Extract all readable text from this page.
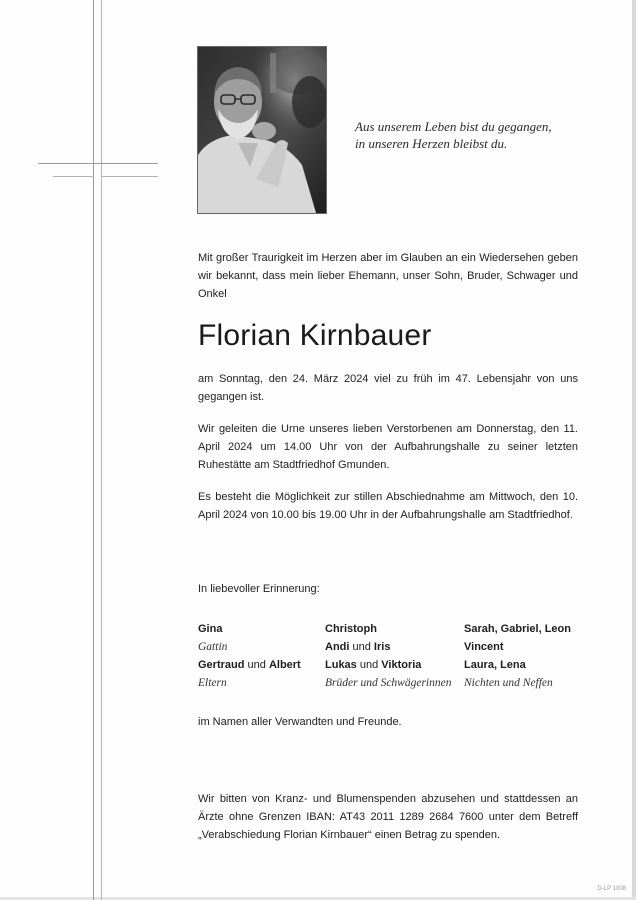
Aus unserem Leben bist du gegangen,
in unseren Herzen bleibst du.
Mit großer Traurigkeit im Herzen aber im Glauben an ein Wiedersehen geben wir bekannt, dass mein lieber Ehemann, unser Sohn, Bruder, Schwager und Onkel
Florian Kirnbauer
am Sonntag, den 24. März 2024 viel zu früh im 47. Lebensjahr von uns gegangen ist.
Wir geleiten die Urne unseres lieben Verstorbenen am Donnerstag, den 11. April 2024 um 14.00 Uhr von der Aufbahrungshalle zu seiner letzten Ruhestätte am Stadtfriedhof Gmunden.
Es besteht die Möglichkeit zur stillen Abschiednahme am Mittwoch, den 10. April 2024 von 10.00 bis 19.00 Uhr in der Aufbahrungshalle am Stadtfriedhof.
In liebevoller Erinnerung:
Gina
Gattin
Gertraud und Albert
Eltern
Christoph
Andi und Iris
Lukas und Viktoria
Brüder und Schwägerinnen
Sarah, Gabriel, Leon
Vincent
Laura, Lena
Nichten und Neffen
im Namen aller Verwandten und Freunde.
Wir bitten von Kranz- und Blumenspenden abzusehen und stattdessen an Ärzte ohne Grenzen IBAN: AT43 2011 1289 2684 7600 unter dem Betreff „Verabschiedung Florian Kirnbauer“ einen Betrag zu spenden.
D-LP 1008
